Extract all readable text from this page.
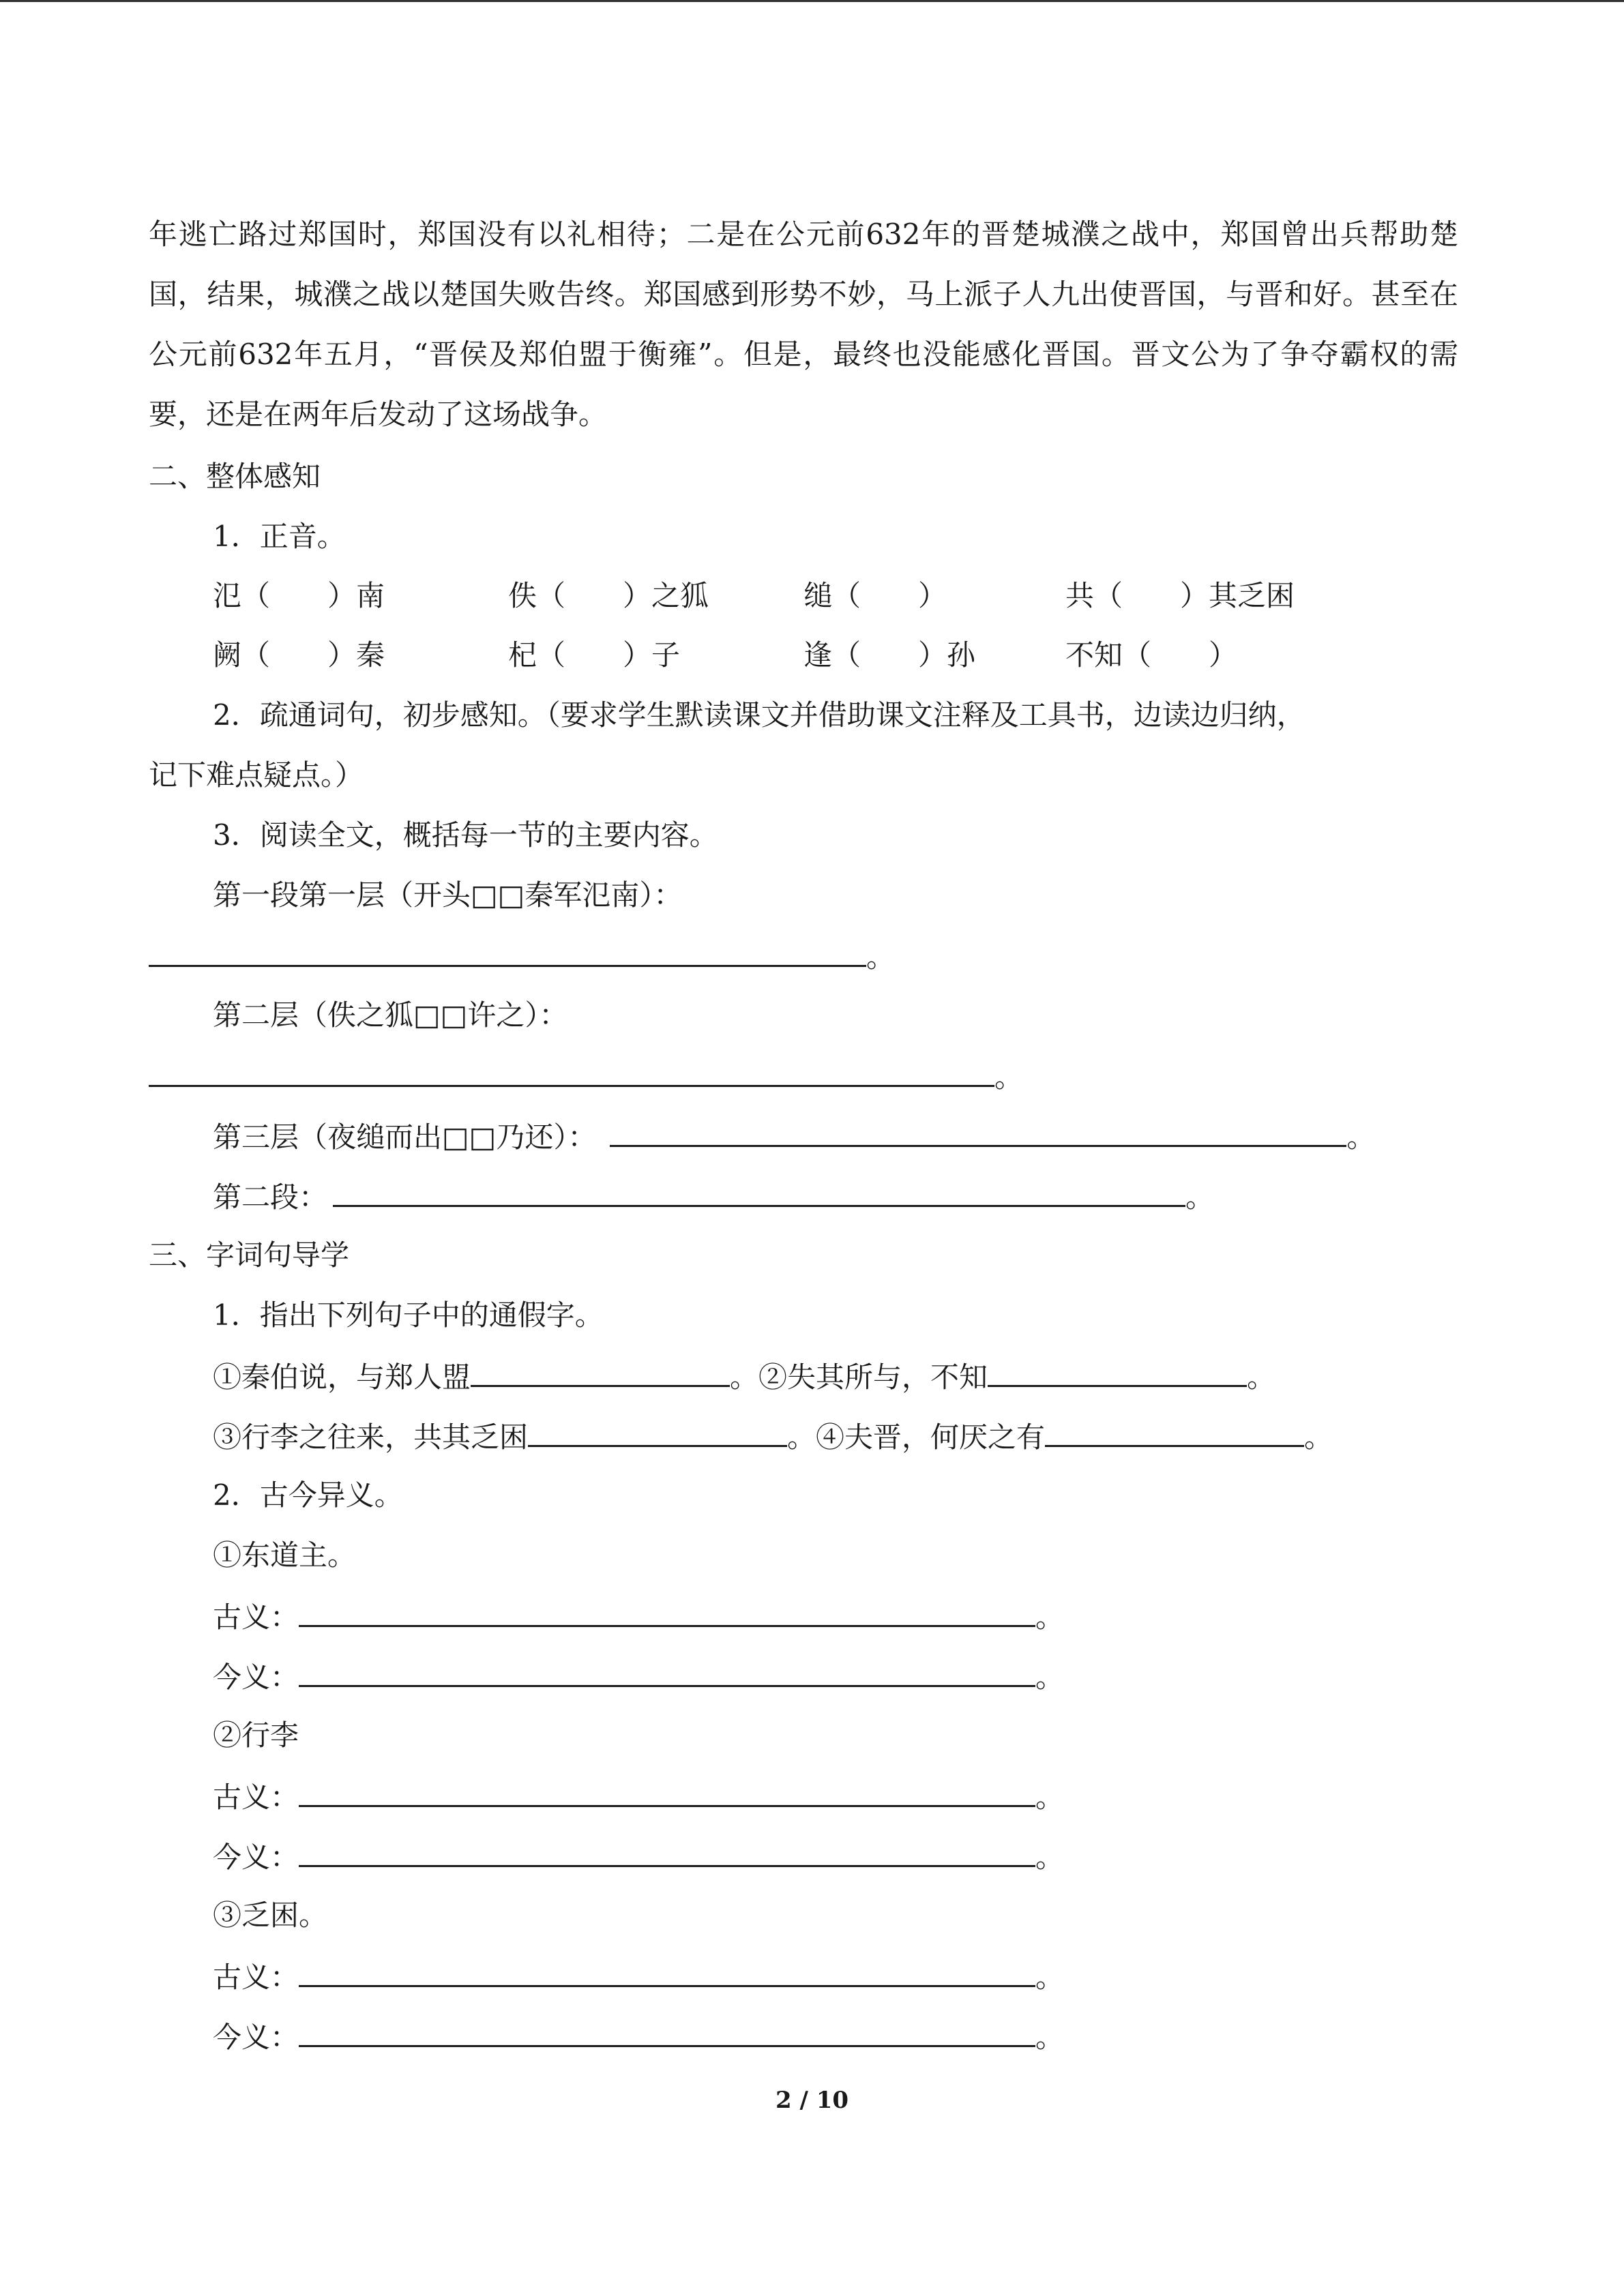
年逃亡路过郑国时，郑国没有以礼相待；二是在公元前632年的晋楚城濮之战中，郑国曾出兵帮助楚国，结果，城濮之战以楚国失败告终。郑国感到形势不妙，马上派子人九出使晋国，与晋和好。甚至在公元前632年五月，“晋侯及郑伯盟于衡雍”。但是，最终也没能感化晋国。晋文公为了争夺霸权的需要，还是在两年后发动了这场战争。
二、整体感知
1．正音。
氾（　　）南	佚（　　）之狐	缒（　　）	共（　　）其乏困
阙（　　）秦	杞（　　）子	逢（　　）孙	不知（　　）
2．疏通词句，初步感知。（要求学生默读课文并借助课文注释及工具书，边读边归纳，
记下难点疑点。）
3．阅读全文，概括每一节的主要内容。
第一段第一层（开头□□秦军氾南）：
。
第二层（佚之狐□□许之）：
。
第三层（夜缒而出□□乃还）：	。
第二段：	。
三、字词句导学
1．指出下列句子中的通假字。
①秦伯说，与郑人盟	。②失其所与，不知	。
③行李之往来，共其乏困	。④夫晋，何厌之有	。
2．古今异义。
①东道主。
古义：	。
今义：	。
②行李
古义：	。
今义：	。
③乏困。
古义：	。
今义：	。
2 / 10
